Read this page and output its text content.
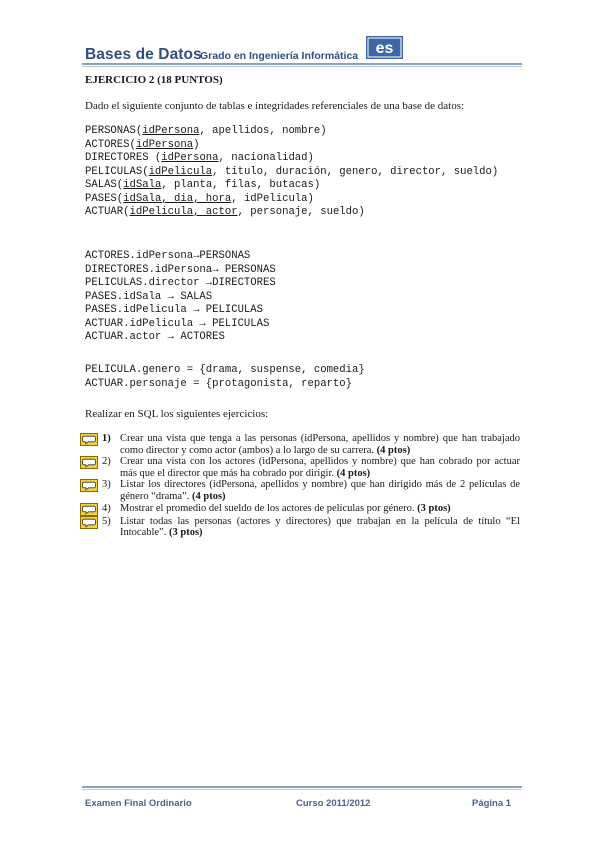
Bases de Datos
Grado en Ingeniería Informática es
EJERCICIO 2 (18 PUNTOS)
Dado el siguiente conjunto de tablas e integridades referenciales de una base de datos:
PERSONAS(idPersona, apellidos, nombre)
ACTORES(idPersona)
DIRECTORES (idPersona, nacionalidad)
PELICULAS(idPelicula, titulo, duración, genero, director, sueldo)
SALAS(idSala, planta, filas, butacas)
PASES(idSala, dia, hora, idPelicula)
ACTUAR(idPelicula, actor, personaje, sueldo)
ACTORES.idPersona→PERSONAS
DIRECTORES.idPersona→ PERSONAS
PELICULAS.director →DIRECTORES
PASES.idSala → SALAS
PASES.idPelicula → PELICULAS
ACTUAR.idPelicula → PELICULAS
ACTUAR.actor → ACTORES
PELICULA.genero = {drama, suspense, comedia}
ACTUAR.personaje = {protagonista, reparto}
Realizar en SQL los siguientes ejercicios:
1) Crear una vista que tenga a las personas (idPersona, apellidos y nombre) que han trabajado como director y como actor (ambos) a lo largo de su carrera. (4 ptos)
2) Crear una vista con los actores (idPersona, apellidos y nombre) que han cobrado por actuar más que el director que más ha cobrado por dirigir. (4 ptos)
3) Listar los directores (idPersona, apellidos y nombre) que han dirigido más de 2 películas de género “drama”. (4 ptos)
4) Mostrar el promedio del sueldo de los actores de películas por género. (3 ptos)
5) Listar todas las personas (actores y directores) que trabajan en la película de título “El Intocable”. (3 ptos)
Examen Final Ordinario	Curso 2011/2012	Página 1
